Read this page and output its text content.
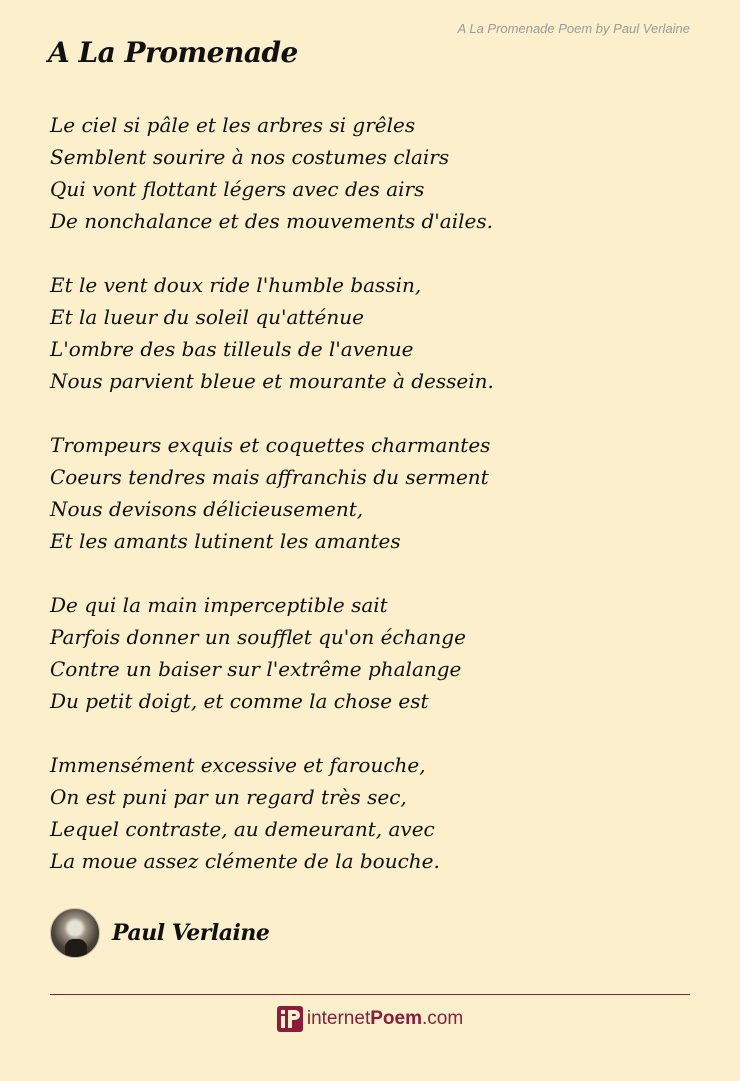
A La Promenade Poem by Paul Verlaine
A La Promenade
Le ciel si pâle et les arbres si grêles
Semblent sourire à nos costumes clairs
Qui vont flottant légers avec des airs
De nonchalance et des mouvements d'ailes.
Et le vent doux ride l'humble bassin,
Et la lueur du soleil qu'atténue
L'ombre des bas tilleuls de l'avenue
Nous parvient bleue et mourante à dessein.
Trompeurs exquis et coquettes charmantes
Coeurs tendres mais affranchis du serment
Nous devisons délicieusement,
Et les amants lutinent les amantes
De qui la main imperceptible sait
Parfois donner un soufflet qu'on échange
Contre un baiser sur l'extrême phalange
Du petit doigt, et comme la chose est
Immensément excessive et farouche,
On est puni par un regard très sec,
Lequel contraste, au demeurant, avec
La moue assez clémente de la bouche.
Paul Verlaine
internet Poem .com
